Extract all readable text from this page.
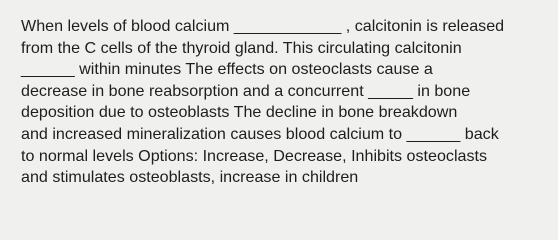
When levels of blood calcium ____________ , calcitonin is released
from the C cells of the thyroid gland. This circulating calcitonin
______ within minutes The effects on osteoclasts cause a
decrease in bone reabsorption and a concurrent _____ in bone
deposition due to osteoblasts The decline in bone breakdown
and increased mineralization causes blood calcium to ______ back
to normal levels Options: Increase, Decrease, Inhibits osteoclasts
and stimulates osteoblasts, increase in children
